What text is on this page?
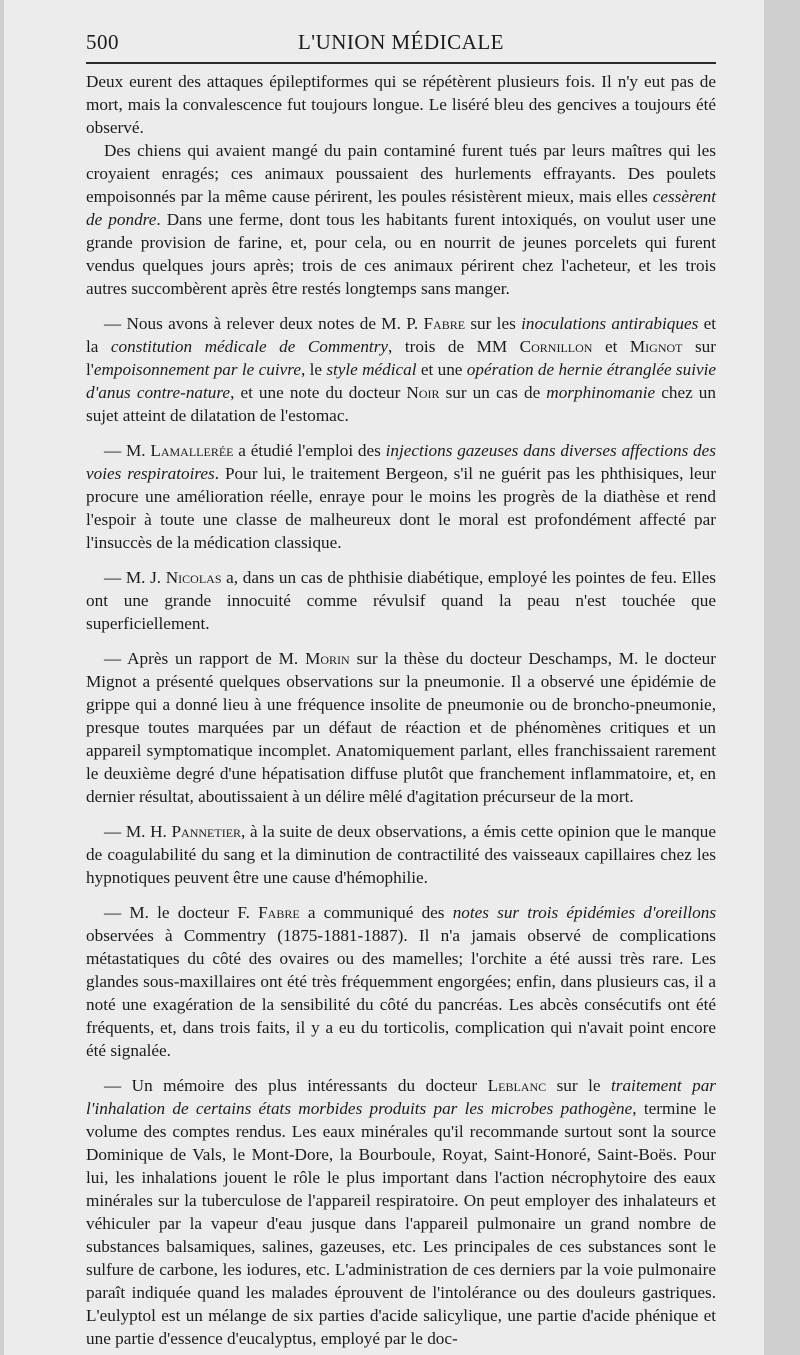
500	L'UNION MÉDICALE

Deux eurent des attaques épileptiformes qui se répétèrent plusieurs fois. Il n'y eut pas de mort, mais la convalescence fut toujours longue. Le liséré bleu des gencives a toujours été observé.

Des chiens qui avaient mangé du pain contaminé furent tués par leurs maîtres qui les croyaient enragés; ces animaux poussaient des hurlements effrayants. Des poulets empoisonnés par la même cause périrent, les poules résistèrent mieux, mais elles cessèrent de pondre. Dans une ferme, dont tous les habitants furent intoxiqués, on voulut user une grande provision de farine, et, pour cela, ou en nourrit de jeunes porcelets qui furent vendus quelques jours après; trois de ces animaux périrent chez l'acheteur, et les trois autres succombèrent après être restés longtemps sans manger.

— Nous avons à relever deux notes de M. P. Fabre sur les inoculations antirabiques et la constitution médicale de Commentry, trois de MM Cornillon et Mignot sur l'empoisonnement par le cuivre, le style médical et une opération de hernie étranglée suivie d'anus contre-nature, et une note du docteur Noir sur un cas de morphinomanie chez un sujet atteint de dilatation de l'estomac.

— M. Lamallerée a étudié l'emploi des injections gazeuses dans diverses affections des voies respiratoires. Pour lui, le traitement Bergeon, s'il ne guérit pas les phthisiques, leur procure une amélioration réelle, enraye pour le moins les progrès de la diathèse et rend l'espoir à toute une classe de malheureux dont le moral est profondément affecté par l'insuccès de la médication classique.

— M. J. Nicolas a, dans un cas de phthisie diabétique, employé les pointes de feu. Elles ont une grande innocuité comme révulsif quand la peau n'est touchée que superficiellement.

— Après un rapport de M. Morin sur la thèse du docteur Deschamps, M. le docteur Mignot a présenté quelques observations sur la pneumonie. Il a observé une épidémie de grippe qui a donné lieu à une fréquence insolite de pneumonie ou de broncho-pneumonie, presque toutes marquées par un défaut de réaction et de phénomènes critiques et un appareil symptomatique incomplet. Anatomiquement parlant, elles franchissaient rarement le deuxième degré d'une hépatisation diffuse plutôt que franchement inflammatoire, et, en dernier résultat, aboutissaient à un délire mêlé d'agitation précurseur de la mort.

— M. H. Pannetier, à la suite de deux observations, a émis cette opinion que le manque de coagulabilité du sang et la diminution de contractilité des vaisseaux capillaires chez les hypnotiques peuvent être une cause d'hémophilie.

— M. le docteur F. Fabre a communiqué des notes sur trois épidémies d'oreillons observées à Commentry (1875-1881-1887). Il n'a jamais observé de complications métastatiques du côté des ovaires ou des mamelles; l'orchite a été aussi très rare. Les glandes sous-maxillaires ont été très fréquemment engorgées; enfin, dans plusieurs cas, il a noté une exagération de la sensibilité du côté du pancréas. Les abcès consécutifs ont été fréquents, et, dans trois faits, il y a eu du torticolis, complication qui n'avait point encore été signalée.

— Un mémoire des plus intéressants du docteur Leblanc sur le traitement par l'inhalation de certains états morbides produits par les microbes pathogène, termine le volume des comptes rendus. Les eaux minérales qu'il recommande surtout sont la source Dominique de Vals, le Mont-Dore, la Bourboule, Royat, Saint-Honoré, Saint-Boës. Pour lui, les inhalations jouent le rôle le plus important dans l'action nécrophytoire des eaux minérales sur la tuberculose de l'appareil respiratoire. On peut employer des inhalateurs et véhiculer par la vapeur d'eau jusque dans l'appareil pulmonaire un grand nombre de substances balsamiques, salines, gazeuses, etc. Les principales de ces substances sont le sulfure de carbone, les iodures, etc. L'administration de ces derniers par la voie pulmonaire paraît indiquée quand les malades éprouvent de l'intolérance ou des douleurs gastriques. L'eulyptol est un mélange de six parties d'acide salicylique, une partie d'acide phénique et une partie d'essence d'eucalyptus, employé par le doc-
